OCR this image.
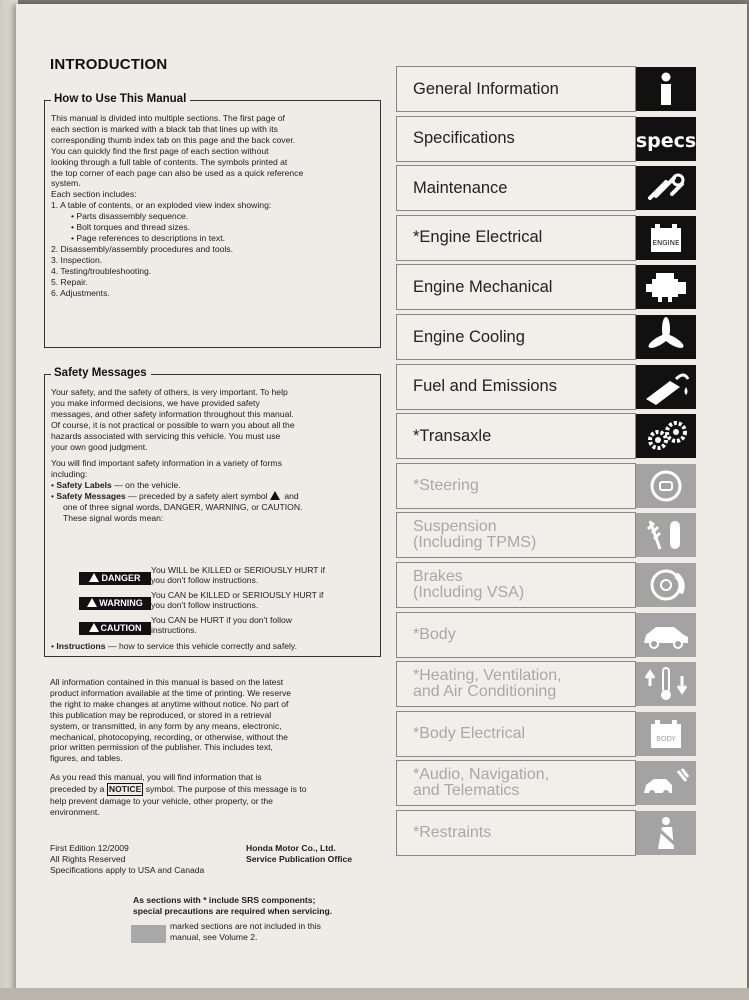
INTRODUCTION
How to Use This Manual

This manual is divided into multiple sections. The first page of

each section is marked with a black tab that lines up with its

corresponding thumb index tab on this page and the back cover.

You can quickly find the first page of each section without

looking through a full table of contents. The symbols printed at

the top corner of each page can also be used as a quick reference

system.

Each section includes:

1. A table of contents, or an exploded view index showing:

• Parts disassembly sequence.

• Bolt torques and thread sizes.

• Page references to descriptions in text.

2. Disassembly/assembly procedures and tools.

3. Inspection.

4. Testing/troubleshooting.

5. Repair.

6. Adjustments.

Safety Messages

Your safety, and the safety of others, is very important. To help

you make informed decisions, we have provided safety

messages, and other safety information throughout this manual.

Of course, it is not practical or possible to warn you about all the

hazards associated with servicing this vehicle. You must use

your own good judgment.

You will find important safety information in a variety of forms

including:

• Safety Labels — on the vehicle.

• Safety Messages — preceded by a safety alert symbol  and

one of three signal words, DANGER, WARNING, or CAUTION.

These signal words mean:

DANGER
You WILL be KILLED or SERIOUSLY HURT if
you don't follow instructions.
WARNING
You CAN be KILLED or SERIOUSLY HURT if
you don't follow instructions.
CAUTION
You CAN be HURT if you don't follow
instructions.
• Instructions — how to service this vehicle correctly and safely.

All information contained in this manual is based on the latest

product information available at the time of printing. We reserve

the right to make changes at anytime without notice. No part of

this publication may be reproduced, or stored in a retrieval

system, or transmitted, in any form by any means, electronic,

mechanical, photocopying, recording, or otherwise, without the

prior written permission of the publisher. This includes text,

figures, and tables.

As you read this manual, you will find information that is

preceded by a NOTICE symbol. The purpose of this message is to

help prevent damage to your vehicle, other property, or the

environment.

First Edition 12/2009

All Rights Reserved

Specifications apply to USA and Canada

Honda Motor Co., Ltd.

Service Publication Office

As sections with * include SRS components;

special precautions are required when servicing.

marked sections are not included in this

manual, see Volume 2.

General Information
Specifications	specs
Maintenance
*Engine Electrical	ENGINE
Engine Mechanical
Engine Cooling
Fuel and Emissions
*Transaxle
*Steering
Suspension
(Including TPMS)
Brakes
(Including VSA)
*Body
*Heating, Ventilation,
and Air Conditioning
*Body Electrical	BODY
*Audio, Navigation,
and Telematics
*Restraints
